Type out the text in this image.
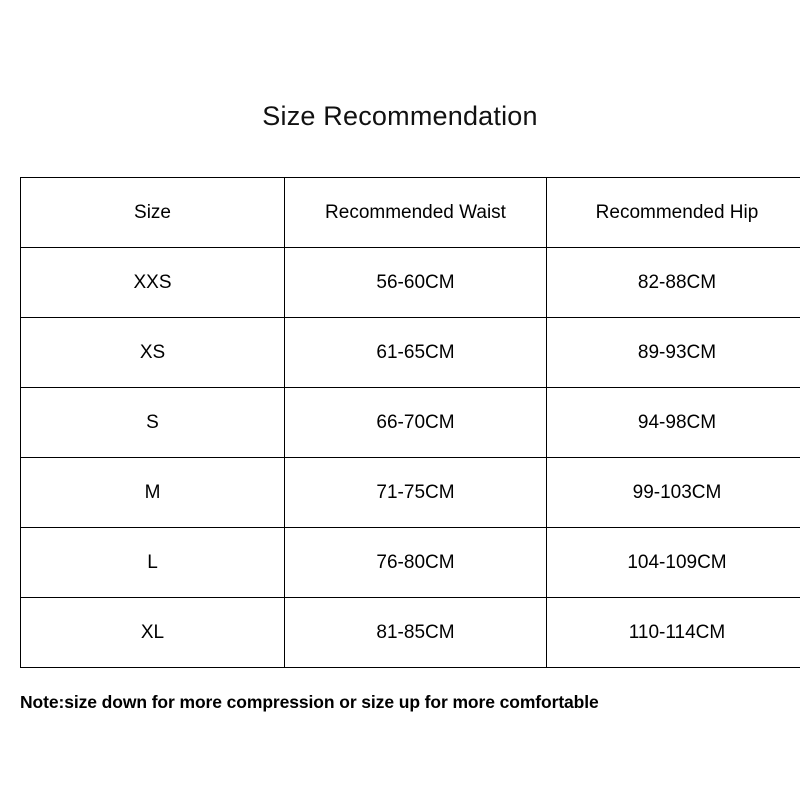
Size Recommendation
Size	Recommended Waist	Recommended Hip
XXS	56-60CM	82-88CM
XS	61-65CM	89-93CM
S	66-70CM	94-98CM
M	71-75CM	99-103CM
L	76-80CM	104-109CM
XL	81-85CM	110-114CM
Note:size down for more compression or size up for more comfortable
